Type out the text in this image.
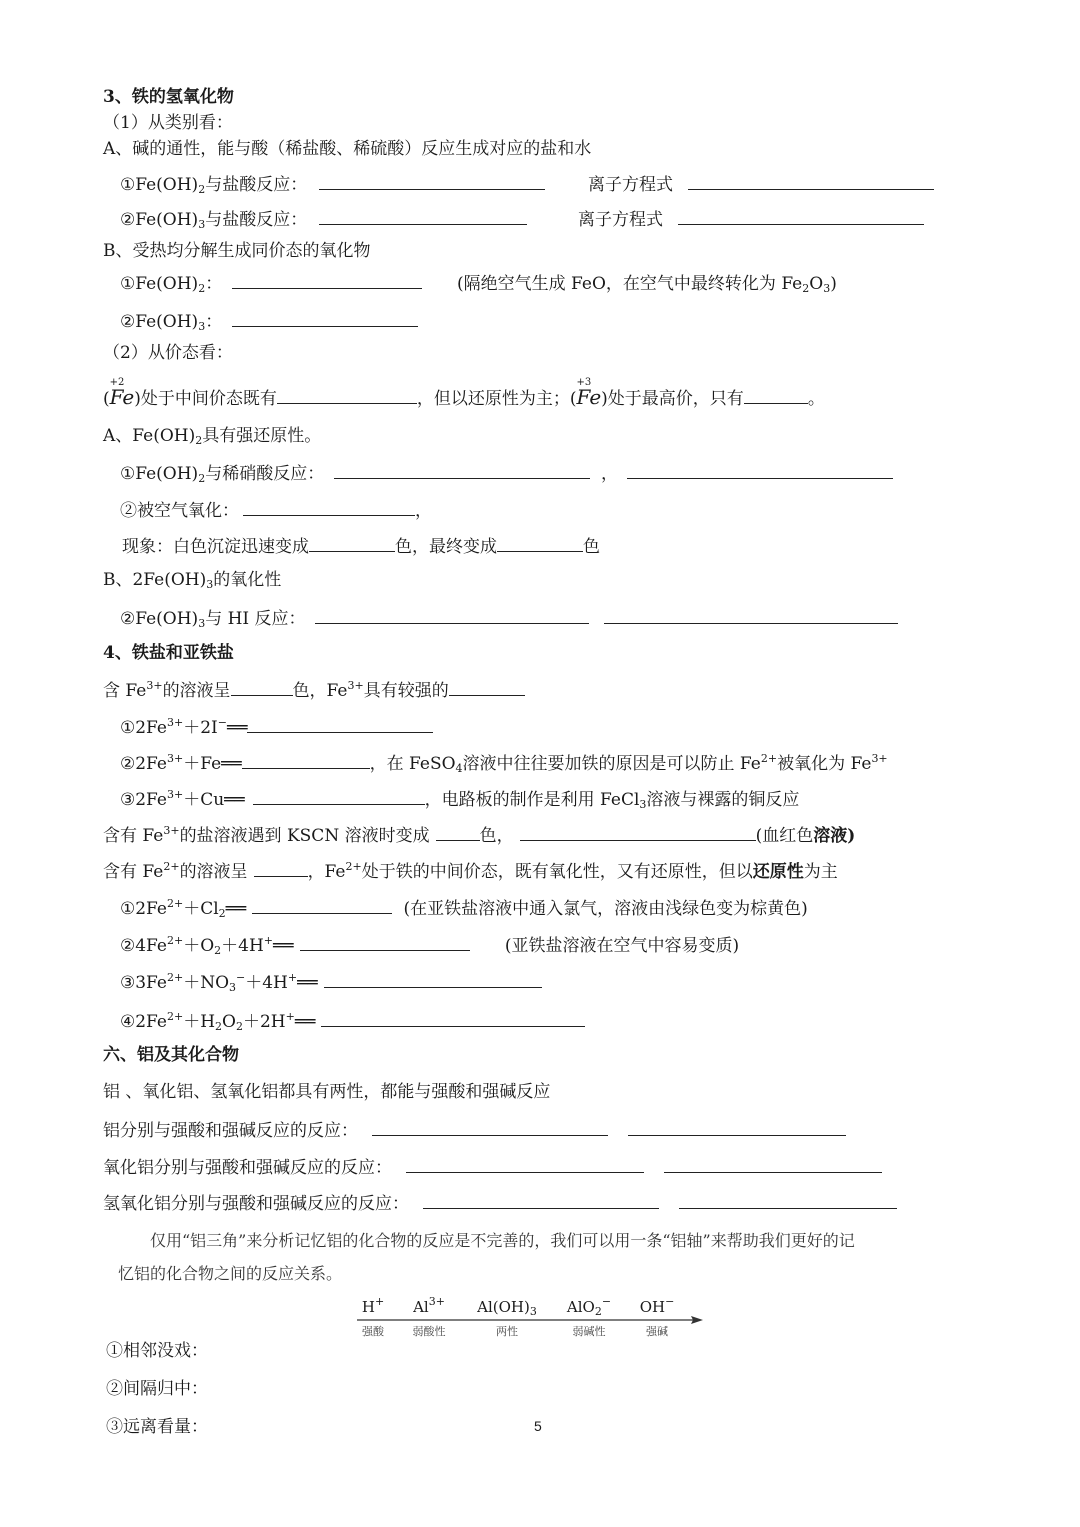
3、铁的氢氧化物
（1）从类别看：
A、碱的通性，能与酸（稀盐酸、稀硫酸）反应生成对应的盐和水
$①Fe(OH)_2$与盐酸反应：	离子方程式
$②Fe(OH)_3$与盐酸反应：	离子方程式
B、受热均分解生成同价态的氧化物
$①Fe(OH)_2$：	(隔绝空气生成 FeO，在空气中最终转化为 $Fe_2O_3$)
$②Fe(OH)_3$：
（2）从价态看：
(
+2
Fe)处于中间价态既有	，但以还原性为主；(
+3
Fe)处于最高价，只有	。
A、$Fe(OH)_2$具有强还原性。
$①Fe(OH)_2$与稀硝酸反应：	，
②被空气氧化：	，
现象：白色沉淀迅速变成	色，最终变成	色
B、$2Fe(OH)_3$的氧化性
$②Fe(OH)_3$与 HI 反应：
4、铁盐和亚铁盐
含 $Fe^{3+}$的溶液呈	色，$Fe^{3+}$具有较强的
$①2Fe^{3+}+2I^-══$
$②2Fe^{3+}+Fe══$	，在 FeSO$_4$溶液中往往要加铁的原因是可以防止 $Fe^{2+}$被氧化为 $Fe^{3+}$
$③2Fe^{3+}+Cu══$	，电路板的制作是利用 FeCl$_3$溶液与裸露的铜反应
含有 $Fe^{3+}$的盐溶液遇到 KSCN 溶液时变成	色，	(血红色溶液)
含有 $Fe^{2+}$的溶液呈	，$Fe^{2+}$处于铁的中间价态，既有氧化性，又有还原性，但以还原性为主
$①2Fe^{2+}+Cl_2══$	(在亚铁盐溶液中通入氯气，溶液由浅绿色变为棕黄色)
$②4Fe^{2+}+O_2+4H^+══$	(亚铁盐溶液在空气中容易变质)
$③3Fe^{2+}+NO_3^-+4H^+══$
$④2Fe^{2+}+H_2O_2+2H^+══$
六、铝及其化合物
铝 、氧化铝、氢氧化铝都具有两性，都能与强酸和强碱反应
铝分别与强酸和强碱反应的反应：
氧化铝分别与强酸和强碱反应的反应：
氢氧化铝分别与强酸和强碱反应的反应：
仅用“铝三角”来分析记忆铝的化合物的反应是不完善的，我们可以用一条“铝轴”来帮助我们更好的记
忆铝的化合物之间的反应关系。
H+
强酸
$Al^{3+}$
弱酸性
$Al(OH)_3$
两性
AlO$_2$−
弱碱性
OH−
强碱
①相邻没戏：
②间隔归中：
③远离看量：	5
